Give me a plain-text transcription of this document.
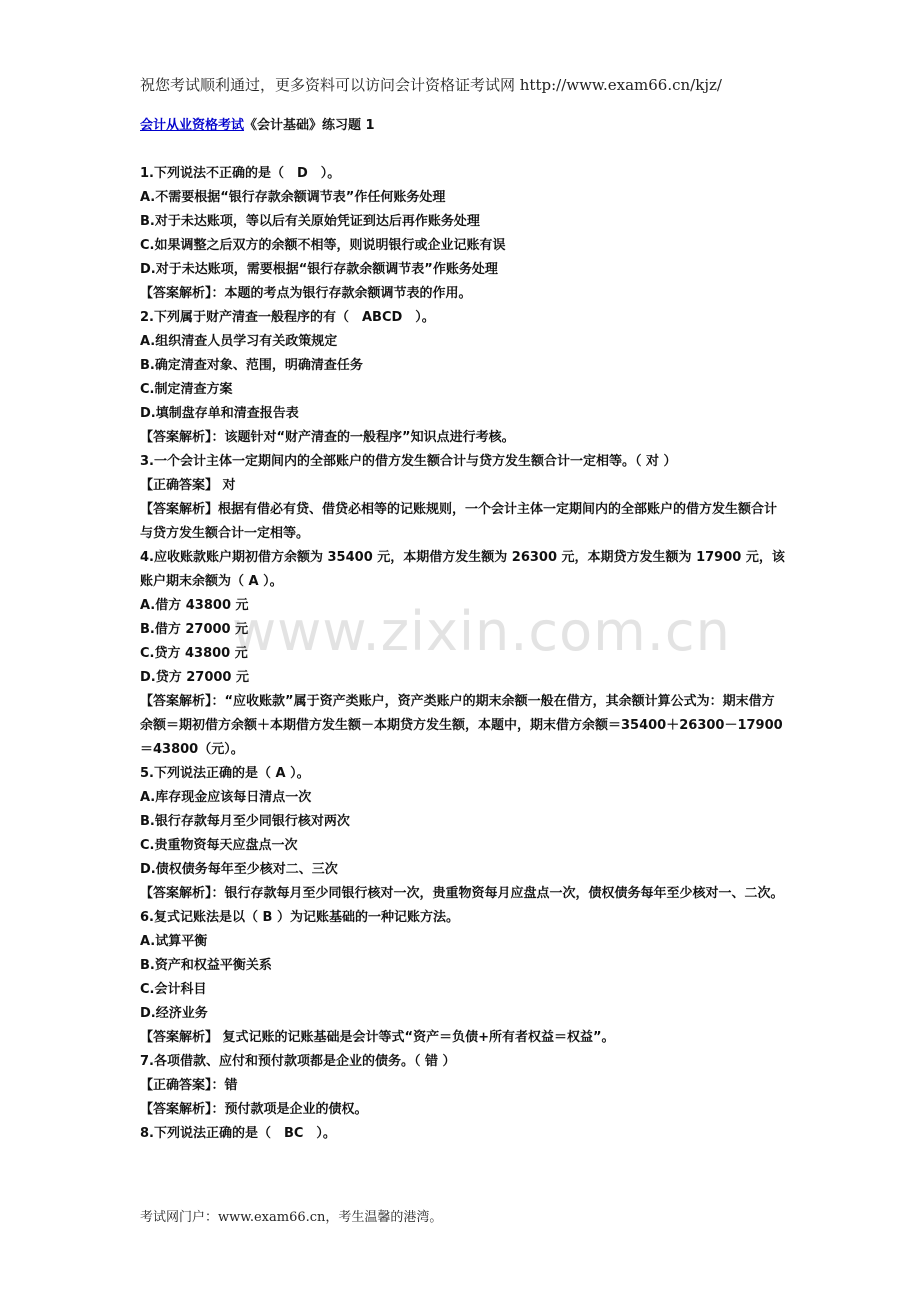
祝您考试顺利通过，更多资料可以访问会计资格证考试网 http://www.exam66.cn/kjz/
会计从业资格考试《会计基础》练习题 1
www.zixin.com.cn

1.下列说法不正确的是（　D　）。

A.不需要根据“银行存款余额调节表”作任何账务处理

B.对于未达账项，等以后有关原始凭证到达后再作账务处理

C.如果调整之后双方的余额不相等，则说明银行或企业记账有误

D.对于未达账项，需要根据“银行存款余额调节表”作账务处理

【答案解析】：本题的考点为银行存款余额调节表的作用。

2.下列属于财产清查一般程序的有（　ABCD　）。

A.组织清查人员学习有关政策规定

B.确定清查对象、范围，明确清查任务

C.制定清查方案

D.填制盘存单和清查报告表

【答案解析】：该题针对“财产清查的一般程序”知识点进行考核。

3.一个会计主体一定期间内的全部账户的借方发生额合计与贷方发生额合计一定相等。（ 对 ）

【正确答案】 对

【答案解析】根据有借必有贷、借贷必相等的记账规则，一个会计主体一定期间内的全部账户的借方发生额合计与贷方发生额合计一定相等。

4.应收账款账户期初借方余额为 35400 元，本期借方发生额为 26300 元，本期贷方发生额为 17900 元，该账户期末余额为（ A ）。

A.借方 43800 元

B.借方 27000 元

C.贷方 43800 元

D.贷方 27000 元

【答案解析】：“应收账款”属于资产类账户，资产类账户的期末余额一般在借方，其余额计算公式为：期末借方余额＝期初借方余额＋本期借方发生额－本期贷方发生额，本题中，期末借方余额＝35400＋26300－17900＝43800（元）。

5.下列说法正确的是（ A ）。

A.库存现金应该每日清点一次

B.银行存款每月至少同银行核对两次

C.贵重物资每天应盘点一次

D.债权债务每年至少核对二、三次

【答案解析】：银行存款每月至少同银行核对一次，贵重物资每月应盘点一次，债权债务每年至少核对一、二次。

6.复式记账法是以（ B ）为记账基础的一种记账方法。

A.试算平衡

B.资产和权益平衡关系

C.会计科目

D.经济业务

【答案解析】 复式记账的记账基础是会计等式“资产＝负债+所有者权益＝权益”。

7.各项借款、应付和预付款项都是企业的债务。（ 错 ）

【正确答案】：错

【答案解析】：预付款项是企业的债权。

8.下列说法正确的是（　BC　）。

考试网门户：www.exam66.cn，考生温馨的港湾。
